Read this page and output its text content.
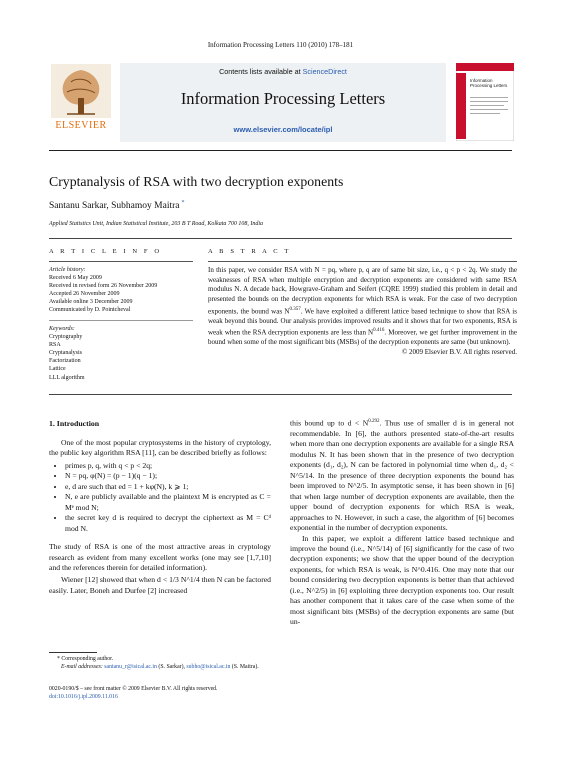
Information Processing Letters 110 (2010) 178–181
ELSEVIER
Contents lists available at ScienceDirect
Information Processing Letters
www.elsevier.com/locate/ipl
Information Processing Letters
Cryptanalysis of RSA with two decryption exponents
Santanu Sarkar, Subhamoy Maitra *
Applied Statistics Unit, Indian Statistical Institute, 203 B T Road, Kolkata 700 108, India
A R T I C L E I N F O
Article history:
Received 6 May 2009
Received in revised form 26 November 2009
Accepted 26 November 2009
Available online 3 December 2009
Communicated by D. Pointcheval
Keywords:
Cryptography
RSA
Cryptanalysis
Factorization
Lattice
LLL algorithm
A B S T R A C T
In this paper, we consider RSA with N = pq, where p, q are of same bit size, i.e., q < p < 2q. We study the weaknesses of RSA when multiple encryption and decryption exponents are considered with same RSA modulus N. A decade back, Howgrave-Graham and Seifert (CQRE 1999) studied this problem in detail and presented the bounds on the decryption exponents for which RSA is weak. For the case of two decryption exponents, the bound was $N^{0.357}$. We have exploited a different lattice based technique to show that RSA is weak beyond this bound. Our analysis provides improved results and it shows that for two exponents, RSA is weak when the RSA decryption exponents are less than $N^{0.416}$. Moreover, we get further improvement in the bound when some of the most significant bits (MSBs) of the decryption exponents are same (but unknown).
© 2009 Elsevier B.V. All rights reserved.
1. Introduction

One of the most popular cryptosystems in the history of cryptology, the public key algorithm RSA [11], can be described briefly as follows:

• primes p, q, with q < p < 2q;
• N = pq, φ(N) = (p − 1)(q − 1);
• e, d are such that ed = 1 + kφ(N), k ⩾ 1;
• N, e are publicly available and the plaintext M is encrypted as C = Mᵉ mod N;
• the secret key d is required to decrypt the ciphertext as M = Cᵈ mod N.

The study of RSA is one of the most attractive areas in cryptology research as evident from many excellent works (one may see [1,7,10] and the references therein for detailed information).

Wiener [12] showed that when d < 1/3 N^1/4 then N can be factored easily. Later, Boneh and Durfee [2] increased

* Corresponding author.
E-mail addresses: santanu_r@isical.ac.in (S. Sarkar), subho@isical.ac.in (S. Maitra).
0020-0190/$ – see front matter © 2009 Elsevier B.V. All rights reserved.
doi:10.1016/j.ipl.2009.11.016

this bound up to $d < N^{0.292}$. Thus use of smaller d is in general not recommendable. In [6], the authors presented state-of-the-art results when more than one decryption exponents are available for a single RSA modulus N. It has been shown that in the presence of two decryption exponents (d₁, d₂), N can be factored in polynomial time when d₁, d₂ < N^5/14. In the presence of three decryption exponents the bound has been improved to N^2/5. In asymptotic sense, it has been shown in [6] that when large number of decryption exponents are available, then the upper bound of decryption exponents for which RSA is weak, approaches to N. However, in such a case, the algorithm of [6] becomes exponential in the number of decryption exponents.

In this paper, we exploit a different lattice based technique and improve the bound (i.e., N^5/14) of [6] significantly for the case of two decryption exponents; we show that the upper bound of the decryption exponents, for which RSA is weak, is N^0.416. One may note that our bound considering two decryption exponents is better than that achieved (i.e., N^2/5) in [6] exploiting three decryption exponents too. Our result has another component that it takes care of the case when some of the most significant bits (MSBs) of the decryption exponents are same (but un-
